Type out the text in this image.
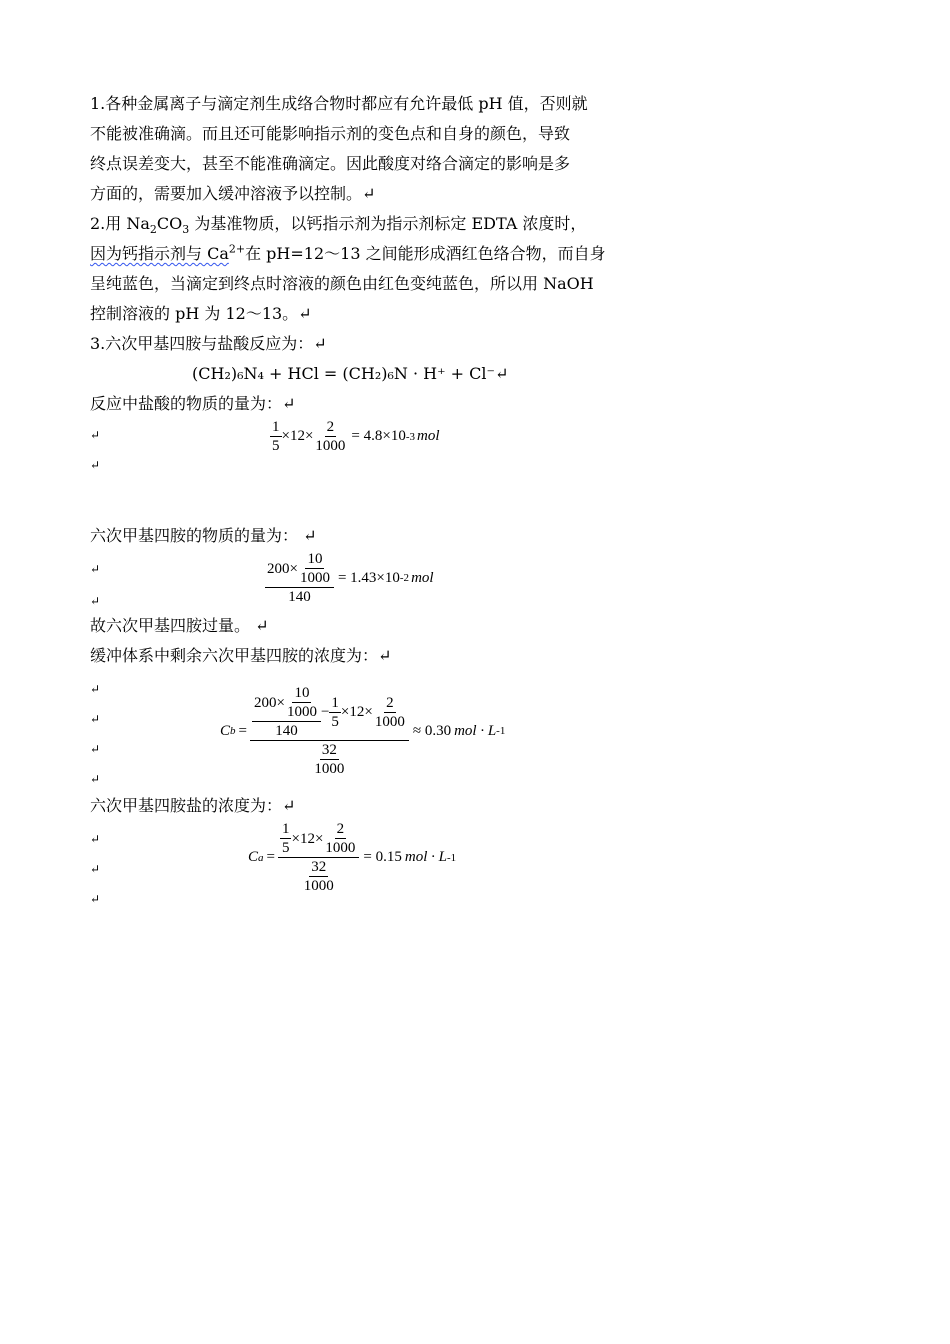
1.各种金属离子与滴定剂生成络合物时都应有允许最低 pH 值，否则就
不能被准确滴。而且还可能影响指示剂的变色点和自身的颜色，导致
终点误差变大，甚至不能准确滴定。因此酸度对络合滴定的影响是多
方面的，需要加入缓冲溶液予以控制。↵
2.用 $Na_2CO_3$ 为基准物质，以钙指示剂为指示剂标定 EDTA 浓度时，
因为钙指示剂与 $Ca^{2+}$在 pH=12～13 之间能形成酒红色络合物，而自身
呈纯蓝色，当滴定到终点时溶液的颜色由红色变纯蓝色，所以用 NaOH
控制溶液的 pH 为 12～13。↵
3.六次甲基四胺与盐酸反应为：↵
(CH₂)₆N₄ + HCl = (CH₂)₆N · H⁺ + Cl⁻↵
反应中盐酸的物质的量为：↵
↵
↵
$\frac{1}{5} \times 12\times \frac{2}{1000} = 4.8\times 10$ -3 mol
六次甲基四胺的物质的量为： ↵
↵
↵	$\frac{200\times \frac{10}{1000}}{140} = 1.43\times 10$ -2 mol
故六次甲基四胺过量。 ↵
缓冲体系中剩余六次甲基四胺的浓度为：↵
↵
↵
↵
↵
C $b = \frac{200\times \frac{10}{1000}}{140} - \frac{1}{5} \times 12\times \frac{2}{1000}$
$\frac{32}{1000}$
≈ 0.30 mol · L -1
六次甲基四胺盐的浓度为：↵
↵
↵
↵
C $a = \frac{\frac{1}{5} \times 12\times \frac{2}{1000}}{\frac{32}{1000}} = 0.15$ mol · L -1
